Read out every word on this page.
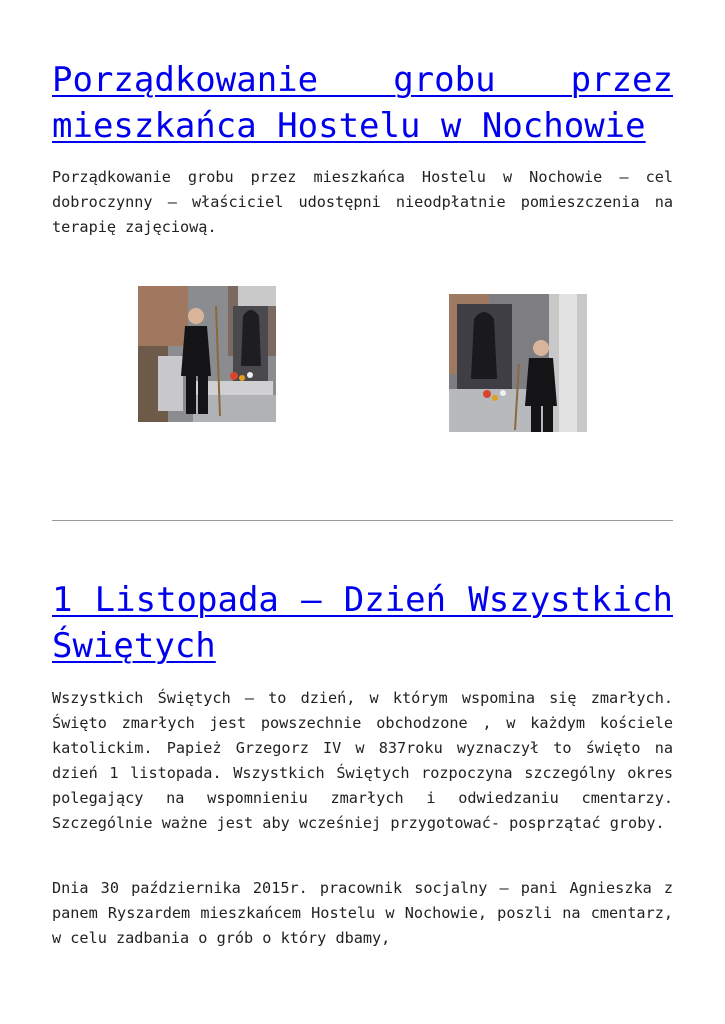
Porządkowanie grobu przez mieszkańca Hostelu w Nochowie

Porządkowanie grobu przez mieszkańca Hostelu w Nochowie – cel dobroczynny – właściciel udostępni nieodpłatnie pomieszczenia na terapię zajęciową.

1 Listopada – Dzień Wszystkich Świętych

Wszystkich Świętych – to dzień, w którym wspomina się zmarłych. Święto zmarłych jest powszechnie obchodzone , w każdym kościele katolickim. Papież Grzegorz IV w 837roku wyznaczył to święto na dzień 1 listopada. Wszystkich Świętych rozpoczyna szczególny okres polegający na wspomnieniu zmarłych i odwiedzaniu cmentarzy. Szczególnie ważne jest aby wcześniej przygotować- posprzątać groby.

Dnia 30 października 2015r. pracownik socjalny – pani Agnieszka z panem Ryszardem mieszkańcem Hostelu w Nochowie, poszli na cmentarz, w celu zadbania o grób o który dbamy,
